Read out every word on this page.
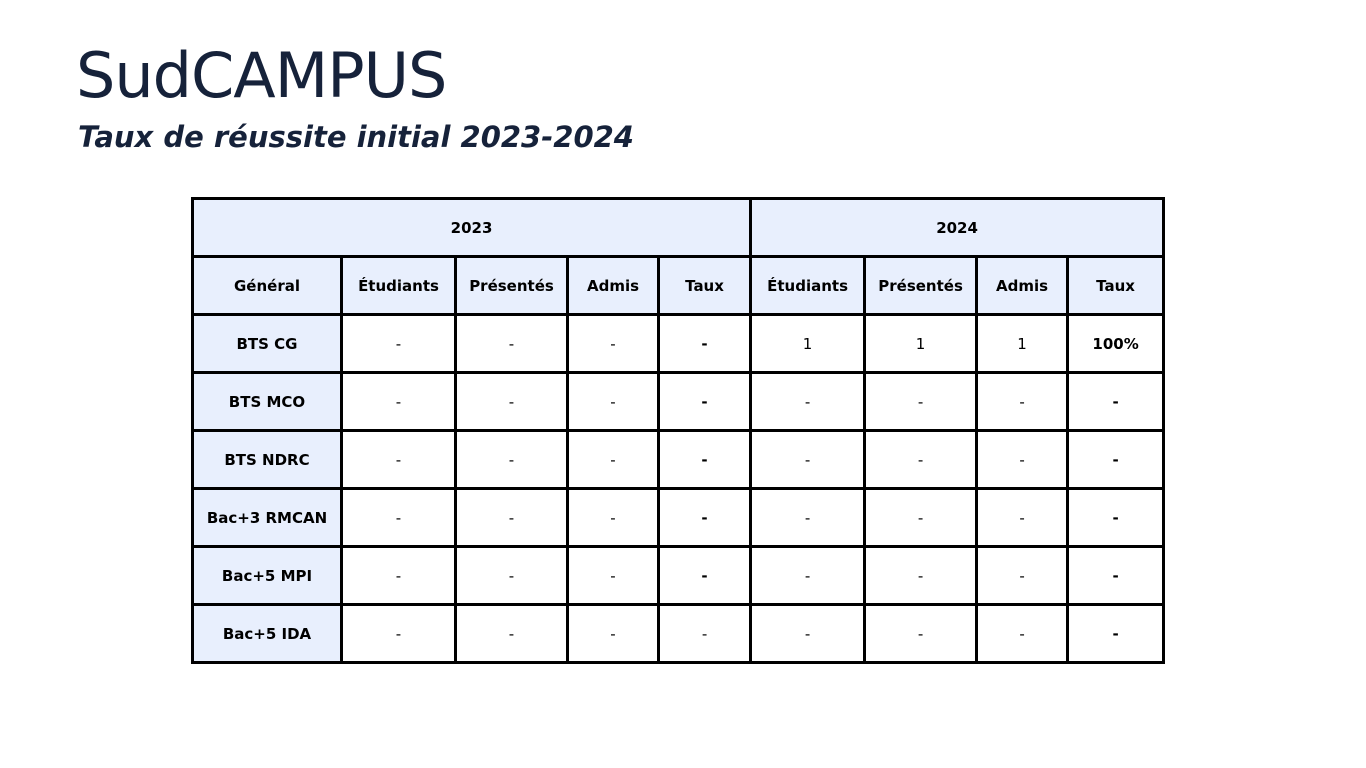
SudCAMPUS
Taux de réussite initial 2023-2024
2023					2024			
Général	Étudiants	Présentés	Admis	Taux	Étudiants	Présentés	Admis	Taux
BTS CG	-	-	-	-	1	1	1	100%
BTS MCO	-	-	-	-	-	-	-	-
BTS NDRC	-	-	-	-	-	-	-	-
Bac+3 RMCAN	-	-	-	-	-	-	-	-
Bac+5 MPI	-	-	-	-	-	-	-	-
Bac+5 IDA	-	-	-	-	-	-	-	-
